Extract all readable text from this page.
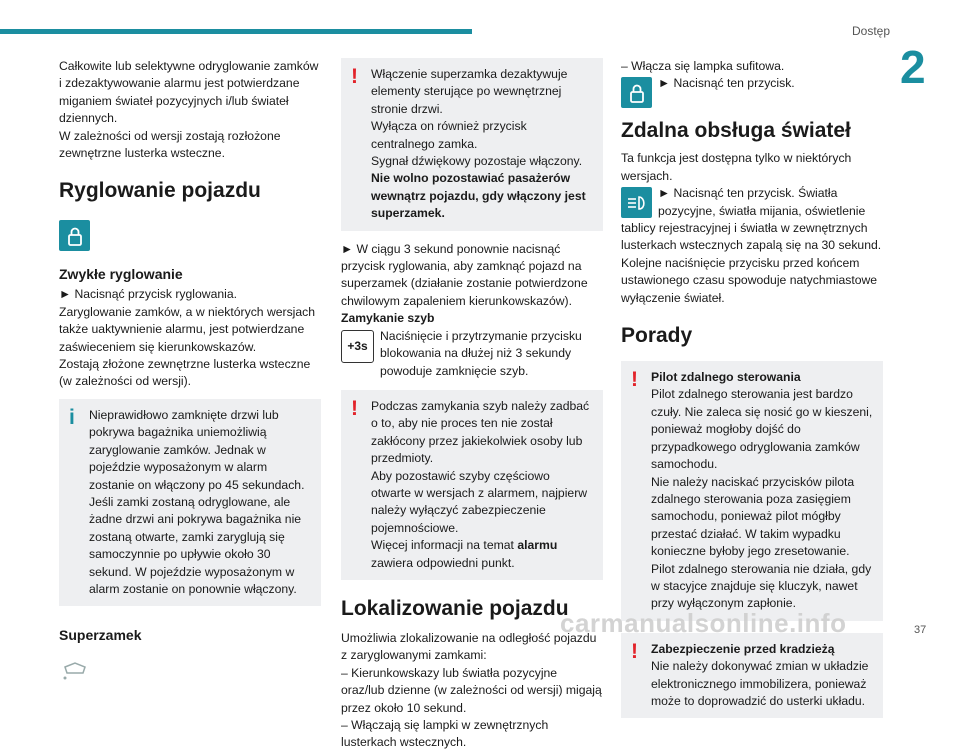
Dostęp
2

Całkowite lub selektywne odryglowanie zamków i zdezaktywowanie alarmu jest potwierdzane miganiem świateł pozycyjnych i/lub świateł dziennych.

W zależności od wersji zostają rozłożone zewnętrzne lusterka wsteczne.

Ryglowanie pojazdu
Zwykłe ryglowanie

► Nacisnąć przycisk ryglowania.

Zaryglowanie zamków, a w niektórych wersjach także uaktywnienie alarmu, jest potwierdzane zaświeceniem się kierunkowskazów.

Zostają złożone zewnętrzne lusterka wsteczne (w zależności od wersji).

i Nieprawidłowo zamknięte drzwi lub pokrywa bagażnika uniemożliwią zaryglowanie zamków. Jednak w pojeździe wyposażonym w alarm zostanie on włączony po 45 sekundach.
Jeśli zamki zostaną odryglowane, ale żadne drzwi ani pokrywa bagażnika nie zostaną otwarte, zamki zaryglują się samoczynnie po upływie około 30 sekund. W pojeździe wyposażonym w alarm zostanie on ponownie włączony.

Superzamek
! Włączenie superzamka dezaktywuje elementy sterujące po wewnętrznej stronie drzwi.
Wyłącza on również przycisk centralnego zamka.
Sygnał dźwiękowy pozostaje włączony.

Nie wolno pozostawiać pasażerów wewnątrz pojazdu, gdy włączony jest superzamek.

► W ciągu 3 sekund ponownie nacisnąć przycisk ryglowania, aby zamknąć pojazd na superzamek (działanie zostanie potwierdzone chwilowym zapaleniem kierunkowskazów).

Zamykanie szyb

+3s

Naciśnięcie i przytrzymanie przycisku blokowania na dłużej niż 3 sekundy powoduje zamknięcie szyb.

! Podczas zamykania szyb należy zadbać o to, aby nie proces ten nie został zakłócony przez jakiekolwiek osoby lub przedmioty.
Aby pozostawić szyby częściowo otwarte w wersjach z alarmem, najpierw należy wyłączyć zabezpieczenie pojemnościowe.

Więcej informacji na temat alarmu zawiera odpowiedni punkt.

Lokalizowanie pojazdu

Umożliwia zlokalizowanie na odległość pojazdu z zaryglowanymi zamkami:

– Kierunkowskazy lub światła pozycyjne oraz/lub dzienne (w zależności od wersji) migają przez około 10 sekund.

– Włączają się lampki w zewnętrznych lusterkach wstecznych.

– Włącza się lampka sufitowa.

► Nacisnąć ten przycisk.

Zdalna obsługa świateł

Ta funkcja jest dostępna tylko w niektórych wersjach.

► Nacisnąć ten przycisk. Światła pozycyjne, światła mijania, oświetlenie tablicy rejestracyjnej i światła w zewnętrznych lusterkach wstecznych zapalą się na 30 sekund.

Kolejne naciśnięcie przycisku przed końcem ustawionego czasu spowoduje natychmiastowe wyłączenie świateł.

Porady
! Pilot zdalnego sterowania

Pilot zdalnego sterowania jest bardzo czuły. Nie zaleca się nosić go w kieszeni, ponieważ mogłoby dojść do przypadkowego odryglowania zamków samochodu.
Nie należy naciskać przycisków pilota zdalnego sterowania poza zasięgiem samochodu, ponieważ pilot mógłby przestać działać. W takim wypadku konieczne byłoby jego zresetowanie.
Pilot zdalnego sterowania nie działa, gdy w stacyjce znajduje się kluczyk, nawet przy wyłączonym zapłonie.

! Zabezpieczenie przed kradzieżą

Nie należy dokonywać zmian w układzie elektronicznego immobilizera, ponieważ może to doprowadzić do usterki układu.

carmanualsonline.info	37
